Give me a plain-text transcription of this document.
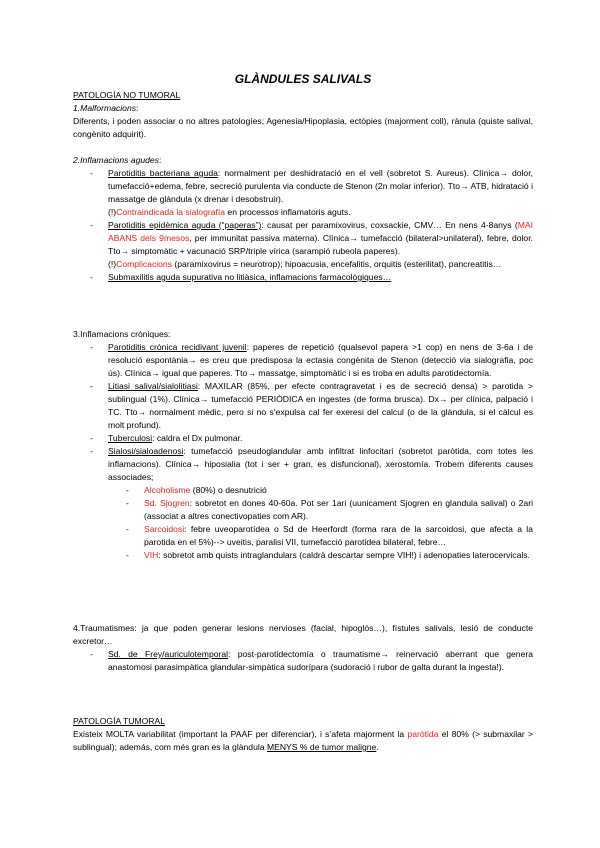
GLÀNDULES SALIVALS
PATOLOGÍA NO TUMORAL
1.Malformacions:
Diferents, i poden associar o no altres patologíes; Agenesia/Hipoplasia, ectòpies (majorment coll), rànula (quiste salival, congènito adquirit).
2.Inflamacions agudes:
- Parotiditis bacteriana aguda: normalment per deshidratació en el vell (sobretot S. Aureus). Clínica→ dolor, tumefacció+edema, febre, secreció purulenta via conducte de Stenon (2n molar inferior). Tto→ ATB, hidratació i massatge de glàndula (x drenar i desobstruir).
(!)Contraindicada la sialografía en processos inflamatoris aguts.
- Parotiditis epidèmica aguda (“paperas”): causat per paramixovirus, coxsackie, CMV… En nens 4-8anys (MAI ABANS dels 9mesos, per immunitat passiva materna). Clínica→ tumefacció (bilateral>unilateral), febre, dolor. Tto→ simptomàtic + vacunació SRP/triple vírica (sarampió rubeola paperes).
(!)Complicacions (paramixovirus = neurotrop); hipoacusia, encefalitis, orquitis (esterilitat), pancreatitis…
- Submaxilitis aguda supurativa no litiàsica, inflamacions farmacològiques…
3.Inflamacions cròniques:
- Parotiditis crònica recidivant juvenil: paperes de repetició (qualsevol papera >1 cop) en nens de 3-6a i de resolució espontània→ es creu que predisposa la ectasia congènita de Stenon (detecció via sialografia, poc ús). Clínica→ igual que paperes. Tto→ massatge, simptomàtic i si es troba en adults parotidectomía.
- Litiasi salival/sialolitiasi: MAXILAR (85%, per efecte contragravetat i es de secreció densa) > parotida > sublingual (1%). Clínica→ tumefacció PERIÒDICA en ingestes (de forma brusca). Dx→ per clínica, palpació i TC. Tto→ normalment mèdic, pero si no s’expulsa cal fer exeresi del calcul (o de la glàndula, si el càlcul es molt profund).
- Tuberculosi: caldra el Dx pulmonar.
- Sialosi/sialoadenosi: tumefacció pseudoglandular amb infiltrat linfocitari (sobretot paròtida, com totes les inflamacions). Clínica→ hiposialia (tot i ser + gran, es disfuncional), xerostomía. Trobem diferents causes associades;
- Alcoholisme (80%) o desnutrició
- Sd. Sjogren: sobretot en dones 40-60a. Pot ser 1ari (uunicament Sjogren en glandula salival) o 2ari (associat a altres conectivopaties com AR).
- Sarcoidosi: febre uveoparotídea o Sd de Heerfordt (forma rara de la sarcoidosi, que afecta a la parotida en el 5%)--> uveitis, paralisi VII, tumefacció parotidea bilateral, febre…
- VIH: sobretot amb quists intraglandulars (caldrà descartar sempre VIH!) i adenopaties laterocervicals.
4.Traumatismes: ja que poden generar lesions nervioses (facial, hipoglós…), fístules salivals, lesió de conducte excretor…
- Sd. de Frey/auriculotemporal: post-parotidectomía o traumatisme→ reinervació aberrant que genera anastomosi parasimpàtica glandular-simpàtica sudorípara (sudoració i rubor de galta durant la ingesta!).
PATOLOGÍA TUMORAL
Existeix MOLTA variabilitat (important la PAAF per diferenciar), i s’afeta majorment la paròtida el 80% (> submaxilar > sublingual); además, com més gran es la glàndula MENYS % de tumor maligne.
